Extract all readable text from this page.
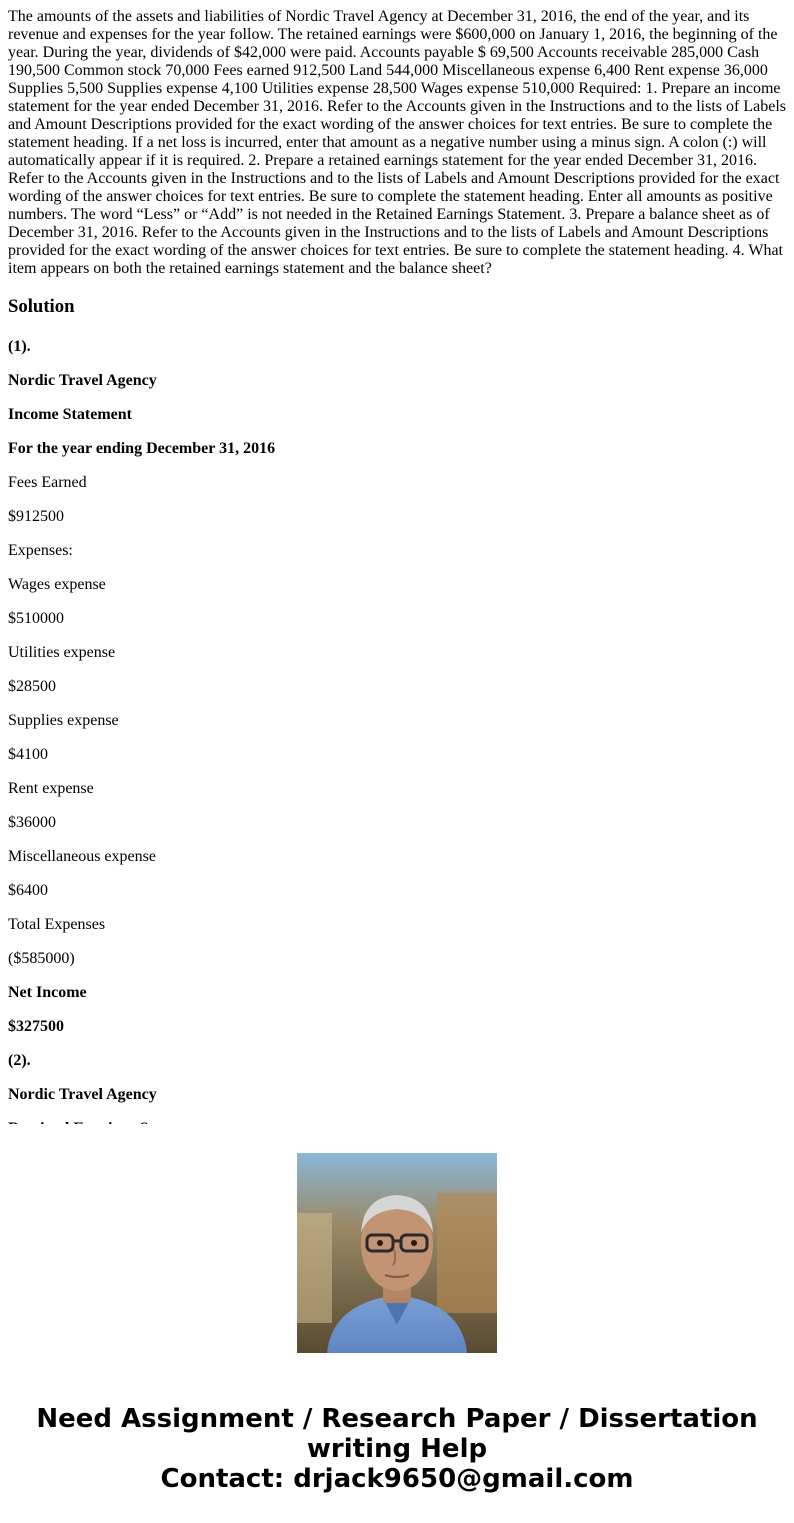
The amounts of the assets and liabilities of Nordic Travel Agency at December 31, 2016, the end of the year, and its revenue and expenses for the year follow. The retained earnings were $600,000 on January 1, 2016, the beginning of the year. During the year, dividends of $42,000 were paid. Accounts payable $ 69,500 Accounts receivable 285,000 Cash 190,500 Common stock 70,000 Fees earned 912,500 Land 544,000 Miscellaneous expense 6,400 Rent expense 36,000 Supplies 5,500 Supplies expense 4,100 Utilities expense 28,500 Wages expense 510,000 Required: 1. Prepare an income statement for the year ended December 31, 2016. Refer to the Accounts given in the Instructions and to the lists of Labels and Amount Descriptions provided for the exact wording of the answer choices for text entries. Be sure to complete the statement heading. If a net loss is incurred, enter that amount as a negative number using a minus sign. A colon (:) will automatically appear if it is required. 2. Prepare a retained earnings statement for the year ended December 31, 2016. Refer to the Accounts given in the Instructions and to the lists of Labels and Amount Descriptions provided for the exact wording of the answer choices for text entries. Be sure to complete the statement heading. Enter all amounts as positive numbers. The word “Less” or “Add” is not needed in the Retained Earnings Statement. 3. Prepare a balance sheet as of December 31, 2016. Refer to the Accounts given in the Instructions and to the lists of Labels and Amount Descriptions provided for the exact wording of the answer choices for text entries. Be sure to complete the statement heading. 4. What item appears on both the retained earnings statement and the balance sheet?
Solution
(1).
Nordic Travel Agency
Income Statement
For the year ending December 31, 2016
Fees Earned
$912500
Expenses:
Wages expense
$510000
Utilities expense
$28500
Supplies expense
$4100
Rent expense
$36000
Miscellaneous expense
$6400
Total Expenses
($585000)
Net Income
$327500
(2).
Nordic Travel Agency
Need Assignment / Research Paper / Dissertation
writing Help
Contact: drjack9650@gmail.com
